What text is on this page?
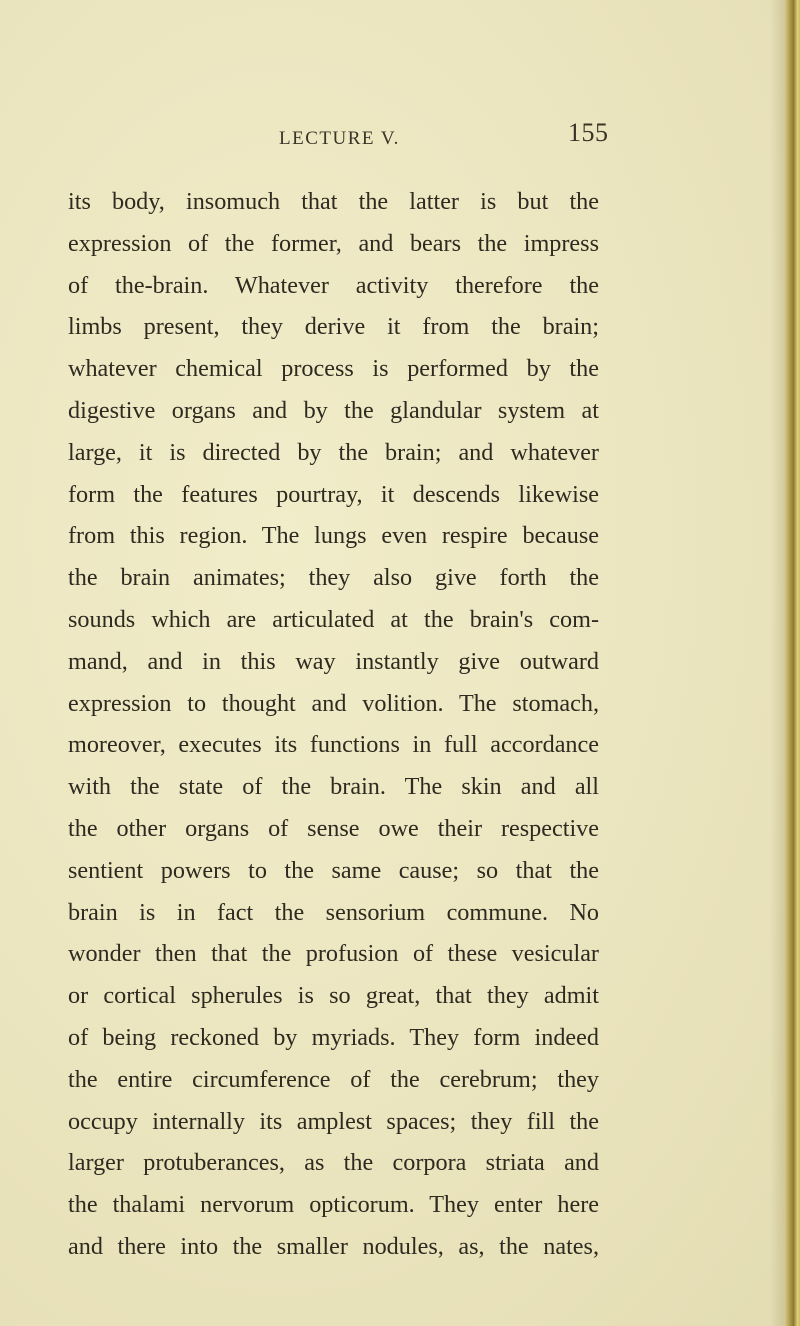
LECTURE V.	155
its body, insomuch that the latter is but the
expression of the former, and bears the impress
of the-brain. Whatever activity therefore the
limbs present, they derive it from the brain;
whatever chemical process is performed by the
digestive organs and by the glandular system at
large, it is directed by the brain; and whatever
form the features pourtray, it descends likewise
from this region. The lungs even respire because
the brain animates; they also give forth the
sounds which are articulated at the brain's com-
mand, and in this way instantly give outward
expression to thought and volition. The stomach,
moreover, executes its functions in full accordance
with the state of the brain. The skin and all
the other organs of sense owe their respective
sentient powers to the same cause; so that the
brain is in fact the sensorium commune. No
wonder then that the profusion of these vesicular
or cortical spherules is so great, that they admit
of being reckoned by myriads. They form indeed
the entire circumference of the cerebrum; they
occupy internally its amplest spaces; they fill the
larger protuberances, as the corpora striata and
the thalami nervorum opticorum. They enter here
and there into the smaller nodules, as, the nates,
